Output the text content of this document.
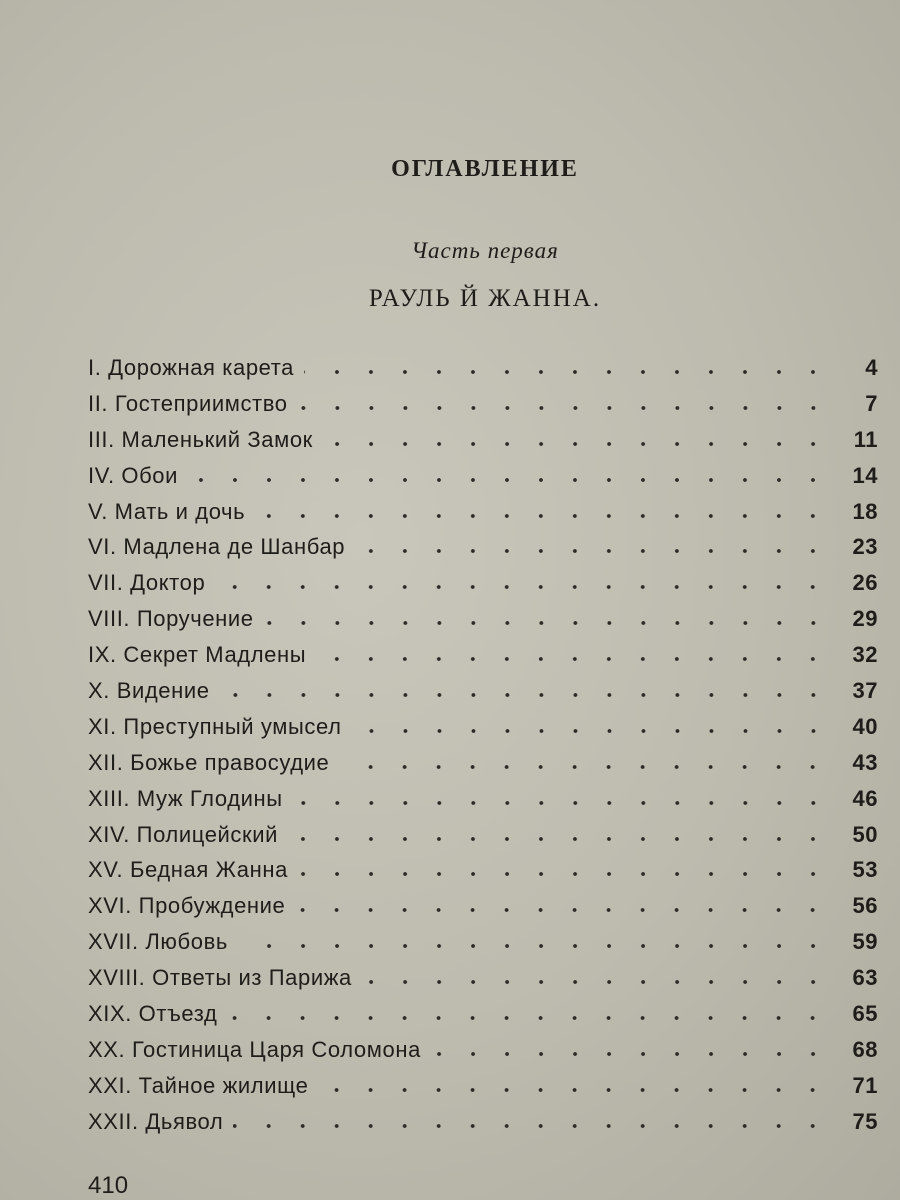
ОГЛАВЛЕНИЕ
Часть первая
РАУЛЬ Й ЖАННА.
I. Дорожная карета	4
II. Гостеприимство	7
III. Маленький Замок	11
IV. Обои	14
V. Мать и дочь	18
VI. Мадлена де Шанбар	23
VII. Доктор	26
VIII. Поручение	29
IX. Секрет Мадлены	32
X. Видение	37
XI. Преступный умысел	40
XII. Божье правосудие	43
XIII. Муж Глодины	46
XIV. Полицейский	50
XV. Бедная Жанна	53
XVI. Пробуждение	56
XVII. Любовь	59
XVIII. Ответы из Парижа	63
XIX. Отъезд	65
XX. Гостиница Царя Соломона	68
XXI. Тайное жилище	71
XXII. Дьявол	75
410
